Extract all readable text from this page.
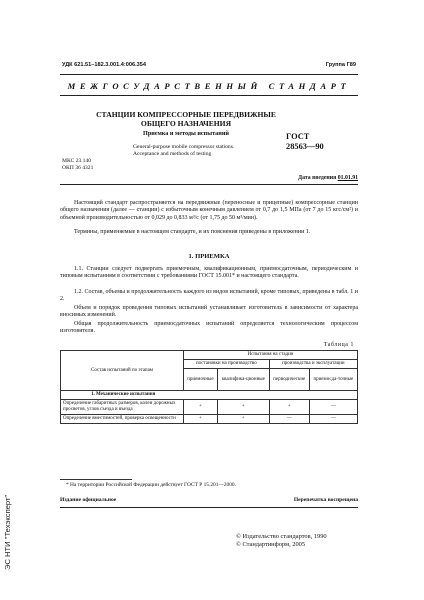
УДК 621.51–182.3.001.4:006.354	Группа Г89
МЕЖГОСУДАРСТВЕННЫЙ СТАНДАРТ
СТАНЦИИ КОМПРЕССОРНЫЕ ПЕРЕДВИЖНЫЕ
ОБЩЕГО НАЗНАЧЕНИЯ
Приемка и методы испытаний	ГОСТ
28563—90
General-purpose mobile compressor stations.
Acceptance and methods of testing
МКС 23.140
ОКП 36 4321
Дата введения 01.01.91
Настоящий стандарт распространяется на передвижные (переносные и прицепные) компрессорные станции общего назначения (далее — станции) с избыточным конечным давлением от 0,7 до 1,5 МПа (от 7 до 15 кгс/см²) и объемной производительностью от 0,029 до 0,833 м³/с (от 1,75 до 50 м³/мин).
Термины, применяемые в настоящем стандарте, и их пояснения приведены в приложении 1.
1. ПРИЕМКА
1.1. Станции следует подвергать приемочным, квалификационным, приемосдаточным, периодическим и типовым испытаниям в соответствии с требованиями ГОСТ 15.001* и настоящего стандарта.
1.2. Состав, объемы и продолжительность каждого из видов испытаний, кроме типовых, приведены в табл. 1 и 2.
Объем и порядок проведения типовых испытаний устанавливает изготовитель в зависимости от характера вносимых изменений.
Общая продолжительность приемосдаточных испытаний определяется технологическим процессом изготовителя.
Таблица 1
Состав испытаний по этапам	Испытания на стадии			
	постановки на производство		производства и эксплуатации	
	приемочные	квалифика-ционные	периодические	приемосда-точные
1. Механические испытания				
Определение габаритных размеров, колеи дорожных просветов, углов съезда и въезда	+	+	+	—
Определение вместимостей, проверка освещенности	+	+	—	—
* На территории Российской Федерации действует ГОСТ Р 15.201—2000.
Издание официальное	Перепечатка воспрещена
© Издательство стандартов, 1990
© Стандартинформ, 2005
ЭС НТИ "Техэксперт"
